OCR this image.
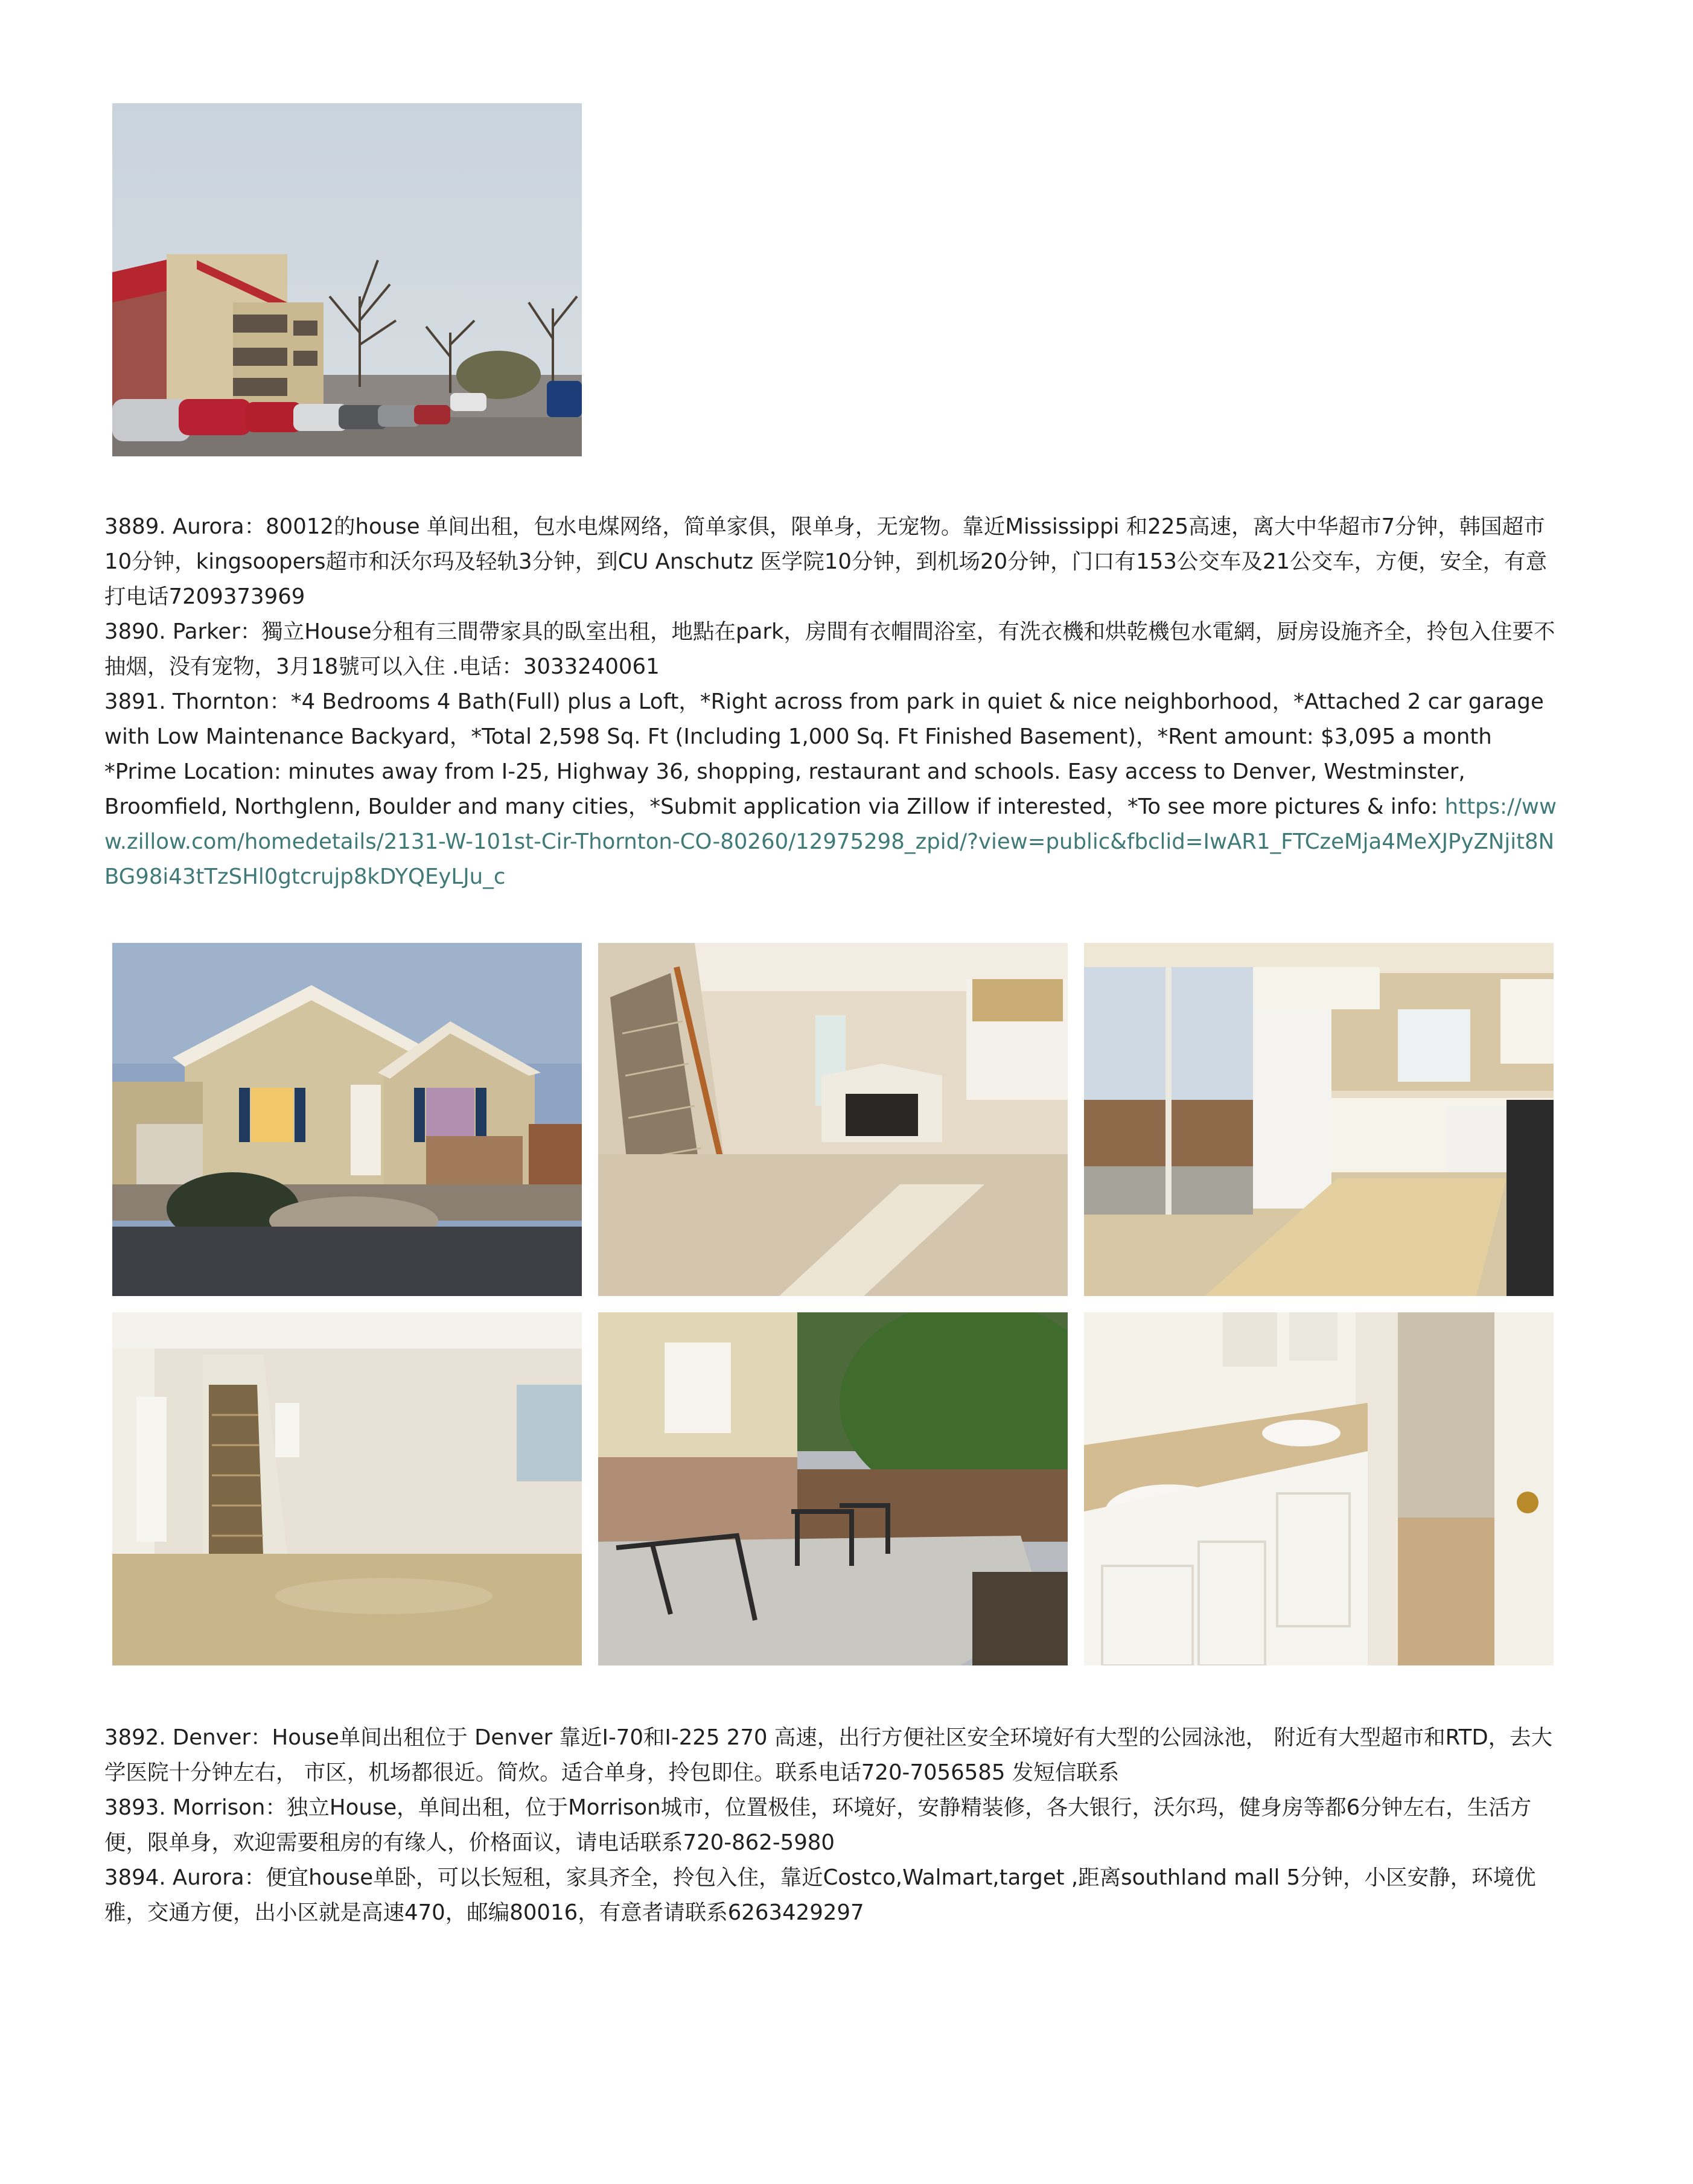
3889. Aurora：80012的house 单间出租，包水电煤网络，简单家俱，限单身，无宠物。靠近Mississippi 和225高速，离大中华超市7分钟，韩国超市10分钟，kingsoopers超市和沃尔玛及轻轨3分钟，到CU Anschutz 医学院10分钟，到机场20分钟，门口有153公交车及21公交车，方便，安全，有意打电话7209373969

3890. Parker：獨立House分租有三間帶家具的臥室出租，地點在park，房間有衣帽間浴室，有洗衣機和烘乾機包水電網，厨房设施齐全，拎包入住要不抽烟，没有宠物，3月18號可以入住 .电话：3033240061

3891. Thornton：*4 Bedrooms 4 Bath(Full) plus a Loft，*Right across from park in quiet & nice neighborhood，*Attached 2 car garage with Low Maintenance Backyard，*Total 2,598 Sq. Ft (Including 1,000 Sq. Ft Finished Basement)，*Rent amount: $3,095 a month

*Prime Location: minutes away from I-25, Highway 36, shopping, restaurant and schools. Easy access to Denver, Westminster, Broomfield, Northglenn, Boulder and many cities，*Submit application via Zillow if interested，*To see more pictures & info: https://www.zillow.com/homedetails/2131-W-101st-Cir-Thornton-CO-80260/12975298_zpid/?view=public&fbclid=IwAR1_FTCzeMja4MeXJPyZNjit8NBG98i43tTzSHl0gtcrujp8kDYQEyLJu_c

3892. Denver：House单间出租位于 Denver 靠近I-70和I-225 270 高速，出行方便社区安全环境好有大型的公园泳池， 附近有大型超市和RTD，去大学医院十分钟左右， 市区，机场都很近。简炊。适合单身，拎包即住。联系电话720-7056585 发短信联系

3893. Morrison：独立House，单间出租，位于Morrison城市，位置极佳，环境好，安静精装修，各大银行，沃尔玛，健身房等都6分钟左右，生活方便，限单身，欢迎需要租房的有缘人，价格面议，请电话联系720-862-5980

3894. Aurora：便宜house单卧，可以长短租，家具齐全，拎包入住，靠近Costco,Walmart,target ,距离southland mall 5分钟，小区安静，环境优雅，交通方便，出小区就是高速470，邮编80016，有意者请联系6263429297
